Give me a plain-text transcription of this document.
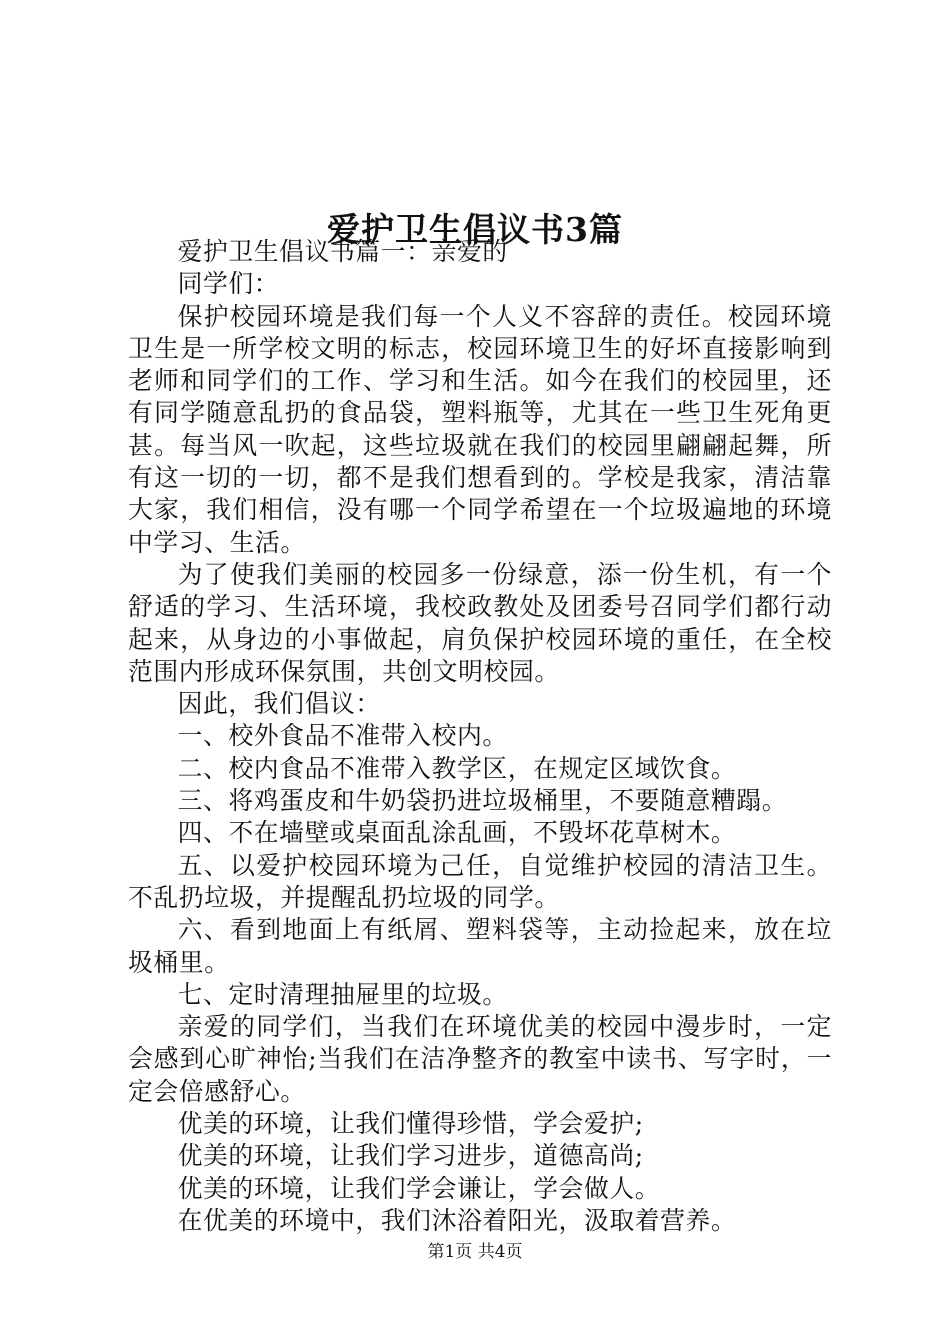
爱护卫生倡议书3篇

爱护卫生倡议书篇一：亲爱的

同学们：

保护校园环境是我们每一个人义不容辞的责任。校园环境卫生是一所学校文明的标志，校园环境卫生的好坏直接影响到老师和同学们的工作、学习和生活。如今在我们的校园里，还有同学随意乱扔的食品袋，塑料瓶等，尤其在一些卫生死角更甚。每当风一吹起，这些垃圾就在我们的校园里翩翩起舞，所有这一切的一切，都不是我们想看到的。学校是我家，清洁靠大家，我们相信，没有哪一个同学希望在一个垃圾遍地的环境中学习、生活。

为了使我们美丽的校园多一份绿意，添一份生机，有一个舒适的学习、生活环境，我校政教处及团委号召同学们都行动起来，从身边的小事做起，肩负保护校园环境的重任，在全校范围内形成环保氛围，共创文明校园。

因此，我们倡议：

一、校外食品不准带入校内。

二、校内食品不准带入教学区，在规定区域饮食。

三、将鸡蛋皮和牛奶袋扔进垃圾桶里，不要随意糟蹋。

四、不在墙壁或桌面乱涂乱画，不毁坏花草树木。

五、以爱护校园环境为己任，自觉维护校园的清洁卫生。不乱扔垃圾，并提醒乱扔垃圾的同学。

六、看到地面上有纸屑、塑料袋等，主动捡起来，放在垃圾桶里。

七、定时清理抽屉里的垃圾。

亲爱的同学们，当我们在环境优美的校园中漫步时，一定会感到心旷神怡;当我们在洁净整齐的教室中读书、写字时，一定会倍感舒心。

优美的环境，让我们懂得珍惜，学会爱护;

优美的环境，让我们学习进步，道德高尚;

优美的环境，让我们学会谦让，学会做人。

在优美的环境中，我们沐浴着阳光，汲取着营养。

第1页 共4页
